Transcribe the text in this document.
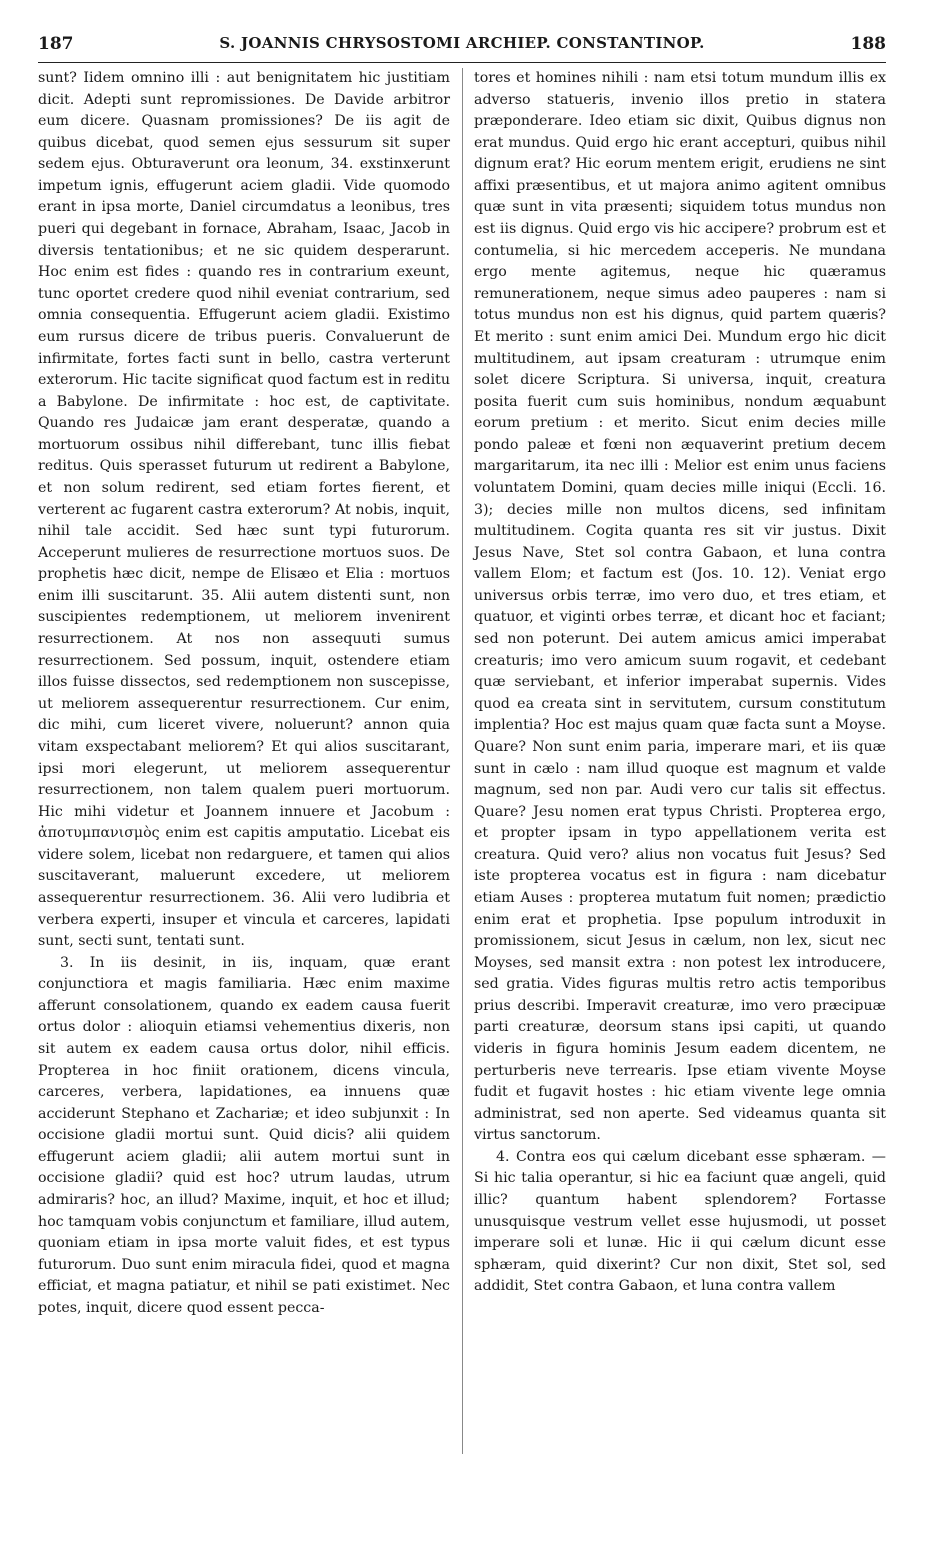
187	S. JOANNIS CHRYSOSTOMI ARCHIEP. CONSTANTINOP.	188

sunt? Iidem omnino illi : aut benignitatem hic justitiam dicit. Adepti sunt repromissiones. De Davide arbitror eum dicere. Quasnam promissiones? De iis agit de quibus dicebat, quod semen ejus sessurum sit super sedem ejus. Obturaverunt ora leonum, 34. exstinxerunt impetum ignis, effugerunt aciem gladii. Vide quomodo erant in ipsa morte, Daniel circumdatus a leonibus, tres pueri qui degebant in fornace, Abraham, Isaac, Jacob in diversis tentationibus; et ne sic quidem desperarunt. Hoc enim est fides : quando res in contrarium exeunt, tunc oportet credere quod nihil eveniat contrarium, sed omnia consequentia. Effugerunt aciem gladii. Existimo eum rursus dicere de tribus pueris. Convaluerunt de infirmitate, fortes facti sunt in bello, castra verterunt exterorum. Hic tacite significat quod factum est in reditu a Babylone. De infirmitate : hoc est, de captivitate. Quando res Judaicæ jam erant desperatæ, quando a mortuorum ossibus nihil differebant, tunc illis fiebat reditus. Quis sperasset futurum ut redirent a Babylone, et non solum redirent, sed etiam fortes fierent, et verterent ac fugarent castra exterorum? At nobis, inquit, nihil tale accidit. Sed hæc sunt typi futurorum. Acceperunt mulieres de resurrectione mortuos suos. De prophetis hæc dicit, nempe de Elisæo et Elia : mortuos enim illi suscitarunt. 35. Alii autem distenti sunt, non suscipientes redemptionem, ut meliorem invenirent resurrectionem. At nos non assequuti sumus resurrectionem. Sed possum, inquit, ostendere etiam illos fuisse dissectos, sed redemptionem non suscepisse, ut meliorem assequerentur resurrectionem. Cur enim, dic mihi, cum liceret vivere, noluerunt? annon quia vitam exspectabant meliorem? Et qui alios suscitarant, ipsi mori elegerunt, ut meliorem assequerentur resurrectionem, non talem qualem pueri mortuorum. Hic mihi videtur et Joannem innuere et Jacobum : ἀποτυμπανισμὸς enim est capitis amputatio. Licebat eis videre solem, licebat non redarguere, et tamen qui alios suscitaverant, maluerunt excedere, ut meliorem assequerentur resurrectionem. 36. Alii vero ludibria et verbera experti, insuper et vincula et carceres, lapidati sunt, secti sunt, tentati sunt.

3. In iis desinit, in iis, inquam, quæ erant conjunctiora et magis familiaria. Hæc enim maxime afferunt consolationem, quando ex eadem causa fuerit ortus dolor : alioquin etiamsi vehementius dixeris, non sit autem ex eadem causa ortus dolor, nihil efficis. Propterea in hoc finiit orationem, dicens vincula, carceres, verbera, lapidationes, ea innuens quæ acciderunt Stephano et Zachariæ; et ideo subjunxit : In occisione gladii mortui sunt. Quid dicis? alii quidem effugerunt aciem gladii; alii autem mortui sunt in occisione gladii? quid est hoc? utrum laudas, utrum admiraris? hoc, an illud? Maxime, inquit, et hoc et illud; hoc tamquam vobis conjunctum et familiare, illud autem, quoniam etiam in ipsa morte valuit fides, et est typus futurorum. Duo sunt enim miracula fidei, quod et magna efficiat, et magna patiatur, et nihil se pati existimet. Nec potes, inquit, dicere quod essent pecca-

tores et homines nihili : nam etsi totum mundum illis ex adverso statueris, invenio illos pretio in statera præponderare. Ideo etiam sic dixit, Quibus dignus non erat mundus. Quid ergo hic erant accepturi, quibus nihil dignum erat? Hic eorum mentem erigit, erudiens ne sint affixi præsentibus, et ut majora animo agitent omnibus quæ sunt in vita præsenti; siquidem totus mundus non est iis dignus. Quid ergo vis hic accipere? probrum est et contumelia, si hic mercedem acceperis. Ne mundana ergo mente agitemus, neque hic quæramus remunerationem, neque simus adeo pauperes : nam si totus mundus non est his dignus, quid partem quæris? Et merito : sunt enim amici Dei. Mundum ergo hic dicit multitudinem, aut ipsam creaturam : utrumque enim solet dicere Scriptura. Si universa, inquit, creatura posita fuerit cum suis hominibus, nondum æquabunt eorum pretium : et merito. Sicut enim decies mille pondo paleæ et fœni non æquaverint pretium decem margaritarum, ita nec illi : Melior est enim unus faciens voluntatem Domini, quam decies mille iniqui (Eccli. 16. 3); decies mille non multos dicens, sed infinitam multitudinem. Cogita quanta res sit vir justus. Dixit Jesus Nave, Stet sol contra Gabaon, et luna contra vallem Elom; et factum est (Jos. 10. 12). Veniat ergo universus orbis terræ, imo vero duo, et tres etiam, et quatuor, et viginti orbes terræ, et dicant hoc et faciant; sed non poterunt. Dei autem amicus amici imperabat creaturis; imo vero amicum suum rogavit, et cedebant quæ serviebant, et inferior imperabat supernis. Vides quod ea creata sint in servitutem, cursum constitutum implentia? Hoc est majus quam quæ facta sunt a Moyse. Quare? Non sunt enim paria, imperare mari, et iis quæ sunt in cælo : nam illud quoque est magnum et valde magnum, sed non par. Audi vero cur talis sit effectus. Quare? Jesu nomen erat typus Christi. Propterea ergo, et propter ipsam in typo appellationem verita est creatura. Quid vero? alius non vocatus fuit Jesus? Sed iste propterea vocatus est in figura : nam dicebatur etiam Auses : propterea mutatum fuit nomen; prædictio enim erat et prophetia. Ipse populum introduxit in promissionem, sicut Jesus in cælum, non lex, sicut nec Moyses, sed mansit extra : non potest lex introducere, sed gratia. Vides figuras multis retro actis temporibus prius describi. Imperavit creaturæ, imo vero præcipuæ parti creaturæ, deorsum stans ipsi capiti, ut quando videris in figura hominis Jesum eadem dicentem, ne perturberis neve terrearis. Ipse etiam vivente Moyse fudit et fugavit hostes : hic etiam vivente lege omnia administrat, sed non aperte. Sed videamus quanta sit virtus sanctorum.

4. Contra eos qui cælum dicebant esse sphæram. — Si hic talia operantur, si hic ea faciunt quæ angeli, quid illic? quantum habent splendorem? Fortasse unusquisque vestrum vellet esse hujusmodi, ut posset imperare soli et lunæ. Hic ii qui cælum dicunt esse sphæram, quid dixerint? Cur non dixit, Stet sol, sed addidit, Stet contra Gabaon, et luna contra vallem
